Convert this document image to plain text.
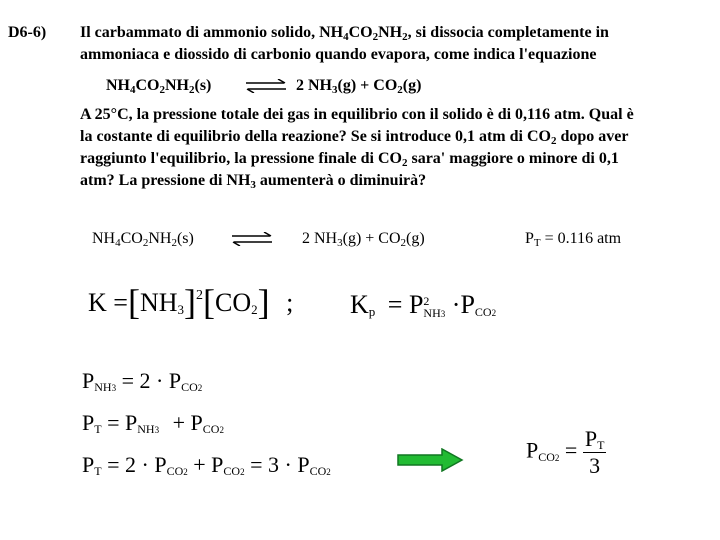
D6-6) Il carbammato di ammonio solido, $NH_4CO_2NH_2$, si dissocia completamente in
ammoniaca e diossido di carbonio quando evapora, come indica l'equazione
$NH_4CO_2NH_2(s)$ ⇌ 2 $NH_3(g) + CO_2(g)$
A 25°C, la pressione totale dei gas in equilibrio con il solido è di 0,116 atm. Qual è
la costante di equilibrio della reazione? Se si introduce 0,1 atm di $CO_2$ dopo aver
raggiunto l'equilibrio, la pressione finale di $CO_2$ sara' maggiore o minore di 0,1
atm? La pressione di $NH_3$ aumenterà o diminuirà?
$NH_4CO_2NH_2(s)$	2 $NH_3(g) + CO_2(g)$	$P_T = 0.116$ atm
$K =[NH_3]^2[CO_2]$ ; $K_p = P$ 2
$NH3 \cdot P_{CO2}$
$P_{NH3} = 2 \cdot P_{CO2}$
$P_T = P_{NH3} + P_{CO2}$
$P_T = 2 \cdot P_{CO2} + P_{CO2} = 3 \cdot P_{CO2}$
$P_{CO2} = \frac{P_T}{3}$
